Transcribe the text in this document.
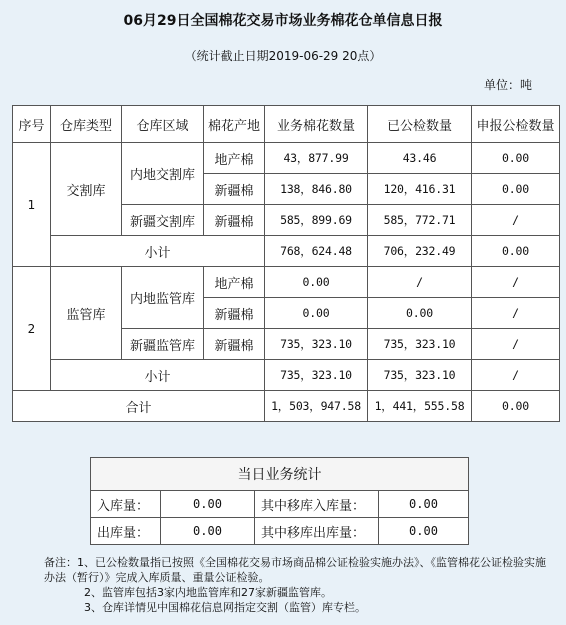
06月29日全国棉花交易市场业务棉花仓单信息日报
（统计截止日期2019-06-29 20点）
单位：吨
序号	仓库类型	仓库区域	棉花产地	业务棉花数量	已公检数量	申报公检数量
1	交割库	内地交割库	地产棉	43，877.99	43.46	0.00
			新疆棉	138，846.80	120，416.31	0.00
		新疆交割库	新疆棉	585，899.69	585，772.71	/
	小计			768，624.48	706，232.49	0.00
2	监管库	内地监管库	地产棉	0.00	/	/
			新疆棉	0.00	0.00	/
		新疆监管库	新疆棉	735，323.10	735，323.10	/
	小计			735，323.10	735，323.10	/
合计				1，503，947.58	1，441，555.58	0.00
当日业务统计			
入库量：	0.00	其中移库入库量：	0.00
出库量：	0.00	其中移库出库量：	0.00

备注：1、已公检数量指已按照《全国棉花交易市场商品棉公证检验实施办法》、《监管棉花公证检验实施办法（暂行）》完成入库质量、重量公证检验。

2、监管库包括3家内地监管库和27家新疆监管库。

3、仓库详情见中国棉花信息网指定交割（监管）库专栏。
